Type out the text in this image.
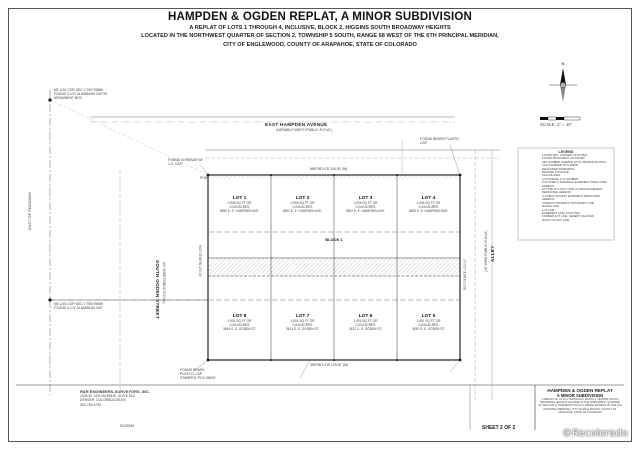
HAMPDEN & OGDEN REPLAT, A MINOR SUBDIVISION
A REPLAT OF LOTS 1 THROUGH 4, INCLUSIVE, BLOCK 2, HIGGINS SOUTH BROADWAY HEIGHTS
LOCATED IN THE NORTHWEST QUARTER OF SECTION 2, TOWNSHIP 5 SOUTH, RANGE 68 WEST OF THE 6TH PRINCIPAL MERIDIAN,
CITY OF ENGLEWOOD, COUNTY OF ARAPAHOE, STATE OF COLORADO
N
EAST HAMPDEN AVENUE
(VARIABLE WIDTH PUBLIC R.O.W.)
SOUTH OGDEN STREET (60' WIDE PUBLIC R.O.W.)
ALLEY
(16' WIDE PUBLIC R.O.W.)
EAST OF ROADWAY
N89°56'14"E 125.00' (M)
S89°56'14"W 125.00' (M)
N00°03'46"W 100.00'	S00°03'46"E 100.00'
SCALE: 1" = 10'
BLOCK 1
LOT 1
1,906 SQ FT OR
0.044 ACRES
3550 E. E. HAMPDEN AVE.
LOT 2
1,906 SQ FT OR
0.044 ACRES
3552 E. E. HAMPDEN AVE.
LOT 3
1,906 SQ FT OR
0.044 ACRES
3554 E. E. HAMPDEN AVE.
LOT 4
1,906 SQ FT OR
0.044 ACRES
3556 E. E. HAMPDEN AVE.
LOT 8
1,901 SQ FT OR
0.044 ACRES
3616 S. S. OGDEN ST.
LOT 7
1,901 SQ FT OR
0.044 ACRES
3614 S. S. OGDEN ST.
LOT 6
1,901 SQ FT OR
0.044 ACRES
3612 S. S. OGDEN ST.
LOT 5
1,901 SQ FT OR
0.044 ACRES
3610 S. S. OGDEN ST.
NE 1/16 COR SEC 2 T5S R68W FOUND 3-1/4" ALUMINUM CAP IN MONUMENT BOX
NE 1/16 COR SEC 2 T5S R68W FOUND 3-1/4" ALUMINUM CAP
FOUND #4 REBAR W/ 1.5" CAP
FOUND BRASS PLASTIC CAP
FOUND BRASS PLASTIC CAP STAMPED "PLS 25609"
POB
LEGEND
FOUND SEC. CORNER AS NOTED
FOUND MONUMENT, AS NOTED
SET NUMBER 5 REBAR WITH ORANGE PLASTIC CAP STAMPED "PLS 38668"
MEASURED DIMENSION
RECORD DISTANCE
CALCULATED
LOT/PARCEL LOT NUMBER
5.00' PUBLIC SIDEWALK EASEMENT DEDICATED HEREON
10' PUBLIC UTILITY AND ACCESS EASEMENT DEDICATED HEREON
4' PUBLIC ACCESS EASEMENT DEDICATED HEREON
SUBJECT PROPERTY BOUNDARY LINE
RANGE LINE
LOT LINE
EASEMENT LINE, AS NOTED
FORMER LOT LINE, HEREBY VACATED
RIGHT-OF-WAY LINE
R&R ENGINEERS-SURVEYORS, INC.
1635 W. 13TH AVENUE, SUITE 310
DENVER, COLORADO 80204
303-753-6730
DC09186
HAMPDEN & OGDEN REPLAT
A MINOR SUBDIVISION
A REPLAT OF LOTS 1 THROUGH 4, BLOCK 2, HIGGINS SOUTH BROADWAY HEIGHTS LOCATED IN THE NORTHWEST QUARTER OF SECTION 2, TOWNSHIP 5 SOUTH, RANGE 68 WEST OF THE 6TH PRINCIPAL MERIDIAN, CITY OF ENGLEWOOD, COUNTY OF ARAPAHOE, STATE OF COLORADO
SHEET 2 OF 2	©Recolorado
